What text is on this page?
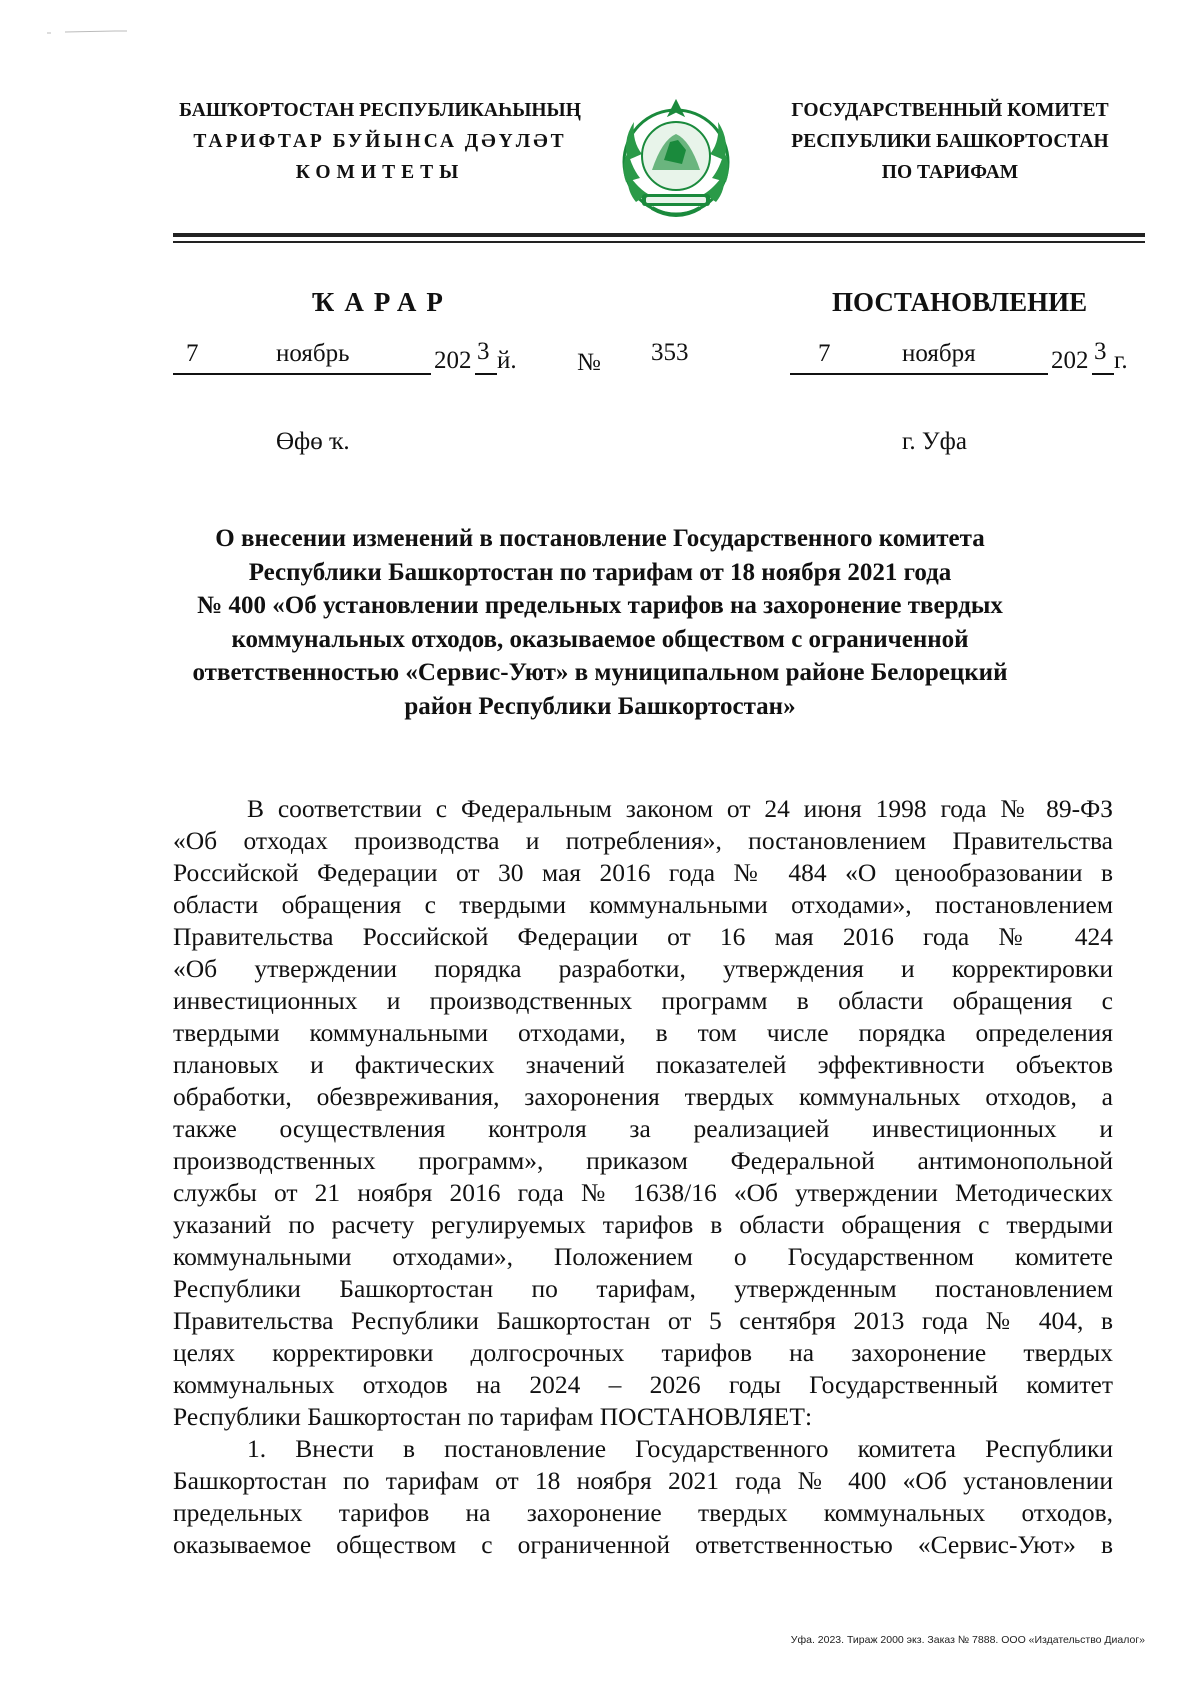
БАШҠОРТОСТАН РЕСПУБЛИКАҺЫНЫҢ
ТАРИФТАР БУЙЫНСА ДӘҮЛӘТ
КОМИТЕТЫ
ГОСУДАРСТВЕННЫЙ КОМИТЕТ
РЕСПУБЛИКИ БАШКОРТОСТАН
ПО ТАРИФАМ
ҠАРАР	ПОСТАНОВЛЕНИЕ
7	ноябрь	202 3 й. № 353	7	ноября	202 3 г.
Өфө ҡ.	г. Уфа
О внесении изменений в постановление Государственного комитета
Республики Башкортостан по тарифам от 18 ноября 2021 года
№ 400 «Об установлении предельных тарифов на захоронение твердых
коммунальных отходов, оказываемое обществом с ограниченной
ответственностью «Сервис-Уют» в муниципальном районе Белорецкий
район Республики Башкортостан»
В соответствии с Федеральным законом от 24 июня 1998 года № 89-ФЗ
«Об отходах производства и потребления», постановлением Правительства
Российской Федерации от 30 мая 2016 года № 484 «О ценообразовании в
области обращения с твердыми коммунальными отходами», постановлением
Правительства Российской Федерации от 16 мая 2016 года № 424
«Об утверждении порядка разработки, утверждения и корректировки
инвестиционных и производственных программ в области обращения с
твердыми коммунальными отходами, в том числе порядка определения
плановых и фактических значений показателей эффективности объектов
обработки, обезвреживания, захоронения твердых коммунальных отходов, а
также осуществления контроля за реализацией инвестиционных и
производственных программ», приказом Федеральной антимонопольной
службы от 21 ноября 2016 года № 1638/16 «Об утверждении Методических
указаний по расчету регулируемых тарифов в области обращения с твердыми
коммунальными отходами», Положением о Государственном комитете
Республики Башкортостан по тарифам, утвержденным постановлением
Правительства Республики Башкортостан от 5 сентября 2013 года № 404, в
целях корректировки долгосрочных тарифов на захоронение твердых
коммунальных отходов на 2024 – 2026 годы Государственный комитет
Республики Башкортостан по тарифам ПОСТАНОВЛЯЕТ:
1. Внести в постановление Государственного комитета Республики
Башкортостан по тарифам от 18 ноября 2021 года № 400 «Об установлении
предельных тарифов на захоронение твердых коммунальных отходов,
оказываемое обществом с ограниченной ответственностью «Сервис-Уют» в
Уфа. 2023. Тираж 2000 экз. Заказ № 7888. ООО «Издательство Диалог»
